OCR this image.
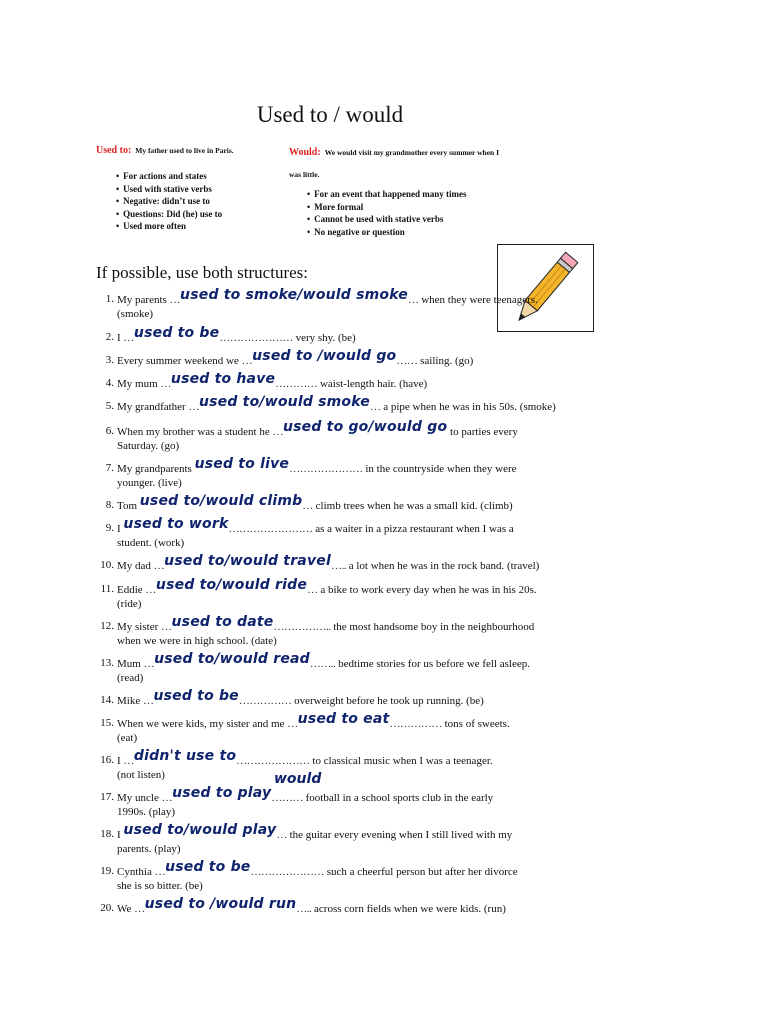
Used to / would
Used to: My father used to live in Paris.
• For actions and states
• Used with stative verbs
• Negative: didn’t use to
• Questions: Did (he) use to
• Used more often
Would: We would visit my grandmother every summer when I
was little.
• For an event that happened many times
• More formal
• Cannot be used with stative verbs
• No negative or question
If possible, use both structures:
1. My parents …used to smoke/would smoke… when they were teenagers.
(smoke)
2. I …used to be………………… very shy. (be)
3. Every summer weekend we …used to /would go…… sailing. (go)
4. My mum …used to have………… waist-length hair. (have)
5. My grandfather …used to/would smoke… a pipe when he was in his 50s. (smoke)
6. When my brother was a student he …used to go/would go to parties every
Saturday. (go)
7. My grandparents used to live………………… in the countryside when they were
younger. (live)
8. Tom used to/would climb… climb trees when he was a small kid. (climb)
9. I used to work…………………… as a waiter in a pizza restaurant when I was a
student. (work)
10. My dad …used to/would travel….. a lot when he was in the rock band. (travel)
11. Eddie …used to/would ride… a bike to work every day when he was in his 20s.
(ride)
12. My sister …used to date…………….. the most handsome boy in the neighbourhood
when we were in high school. (date)
13. Mum …used to/would read…….. bedtime stories for us before we fell asleep.
(read)
14. Mike …used to be…………… overweight before he took up running. (be)
15. When we were kids, my sister and me …used to eat…………… tons of sweets.
(eat)
16. I …didn't use to………………… to classical music when I was a teenager.
(not listen)	would
17. My uncle …used to play……… football in a school sports club in the early
1990s. (play)
18. I used to/would play… the guitar every evening when I still lived with my
parents. (play)
19. Cynthia …used to be………………… such a cheerful person but after her divorce
she is so bitter. (be)
20. We …used to /would run….. across corn fields when we were kids. (run)
